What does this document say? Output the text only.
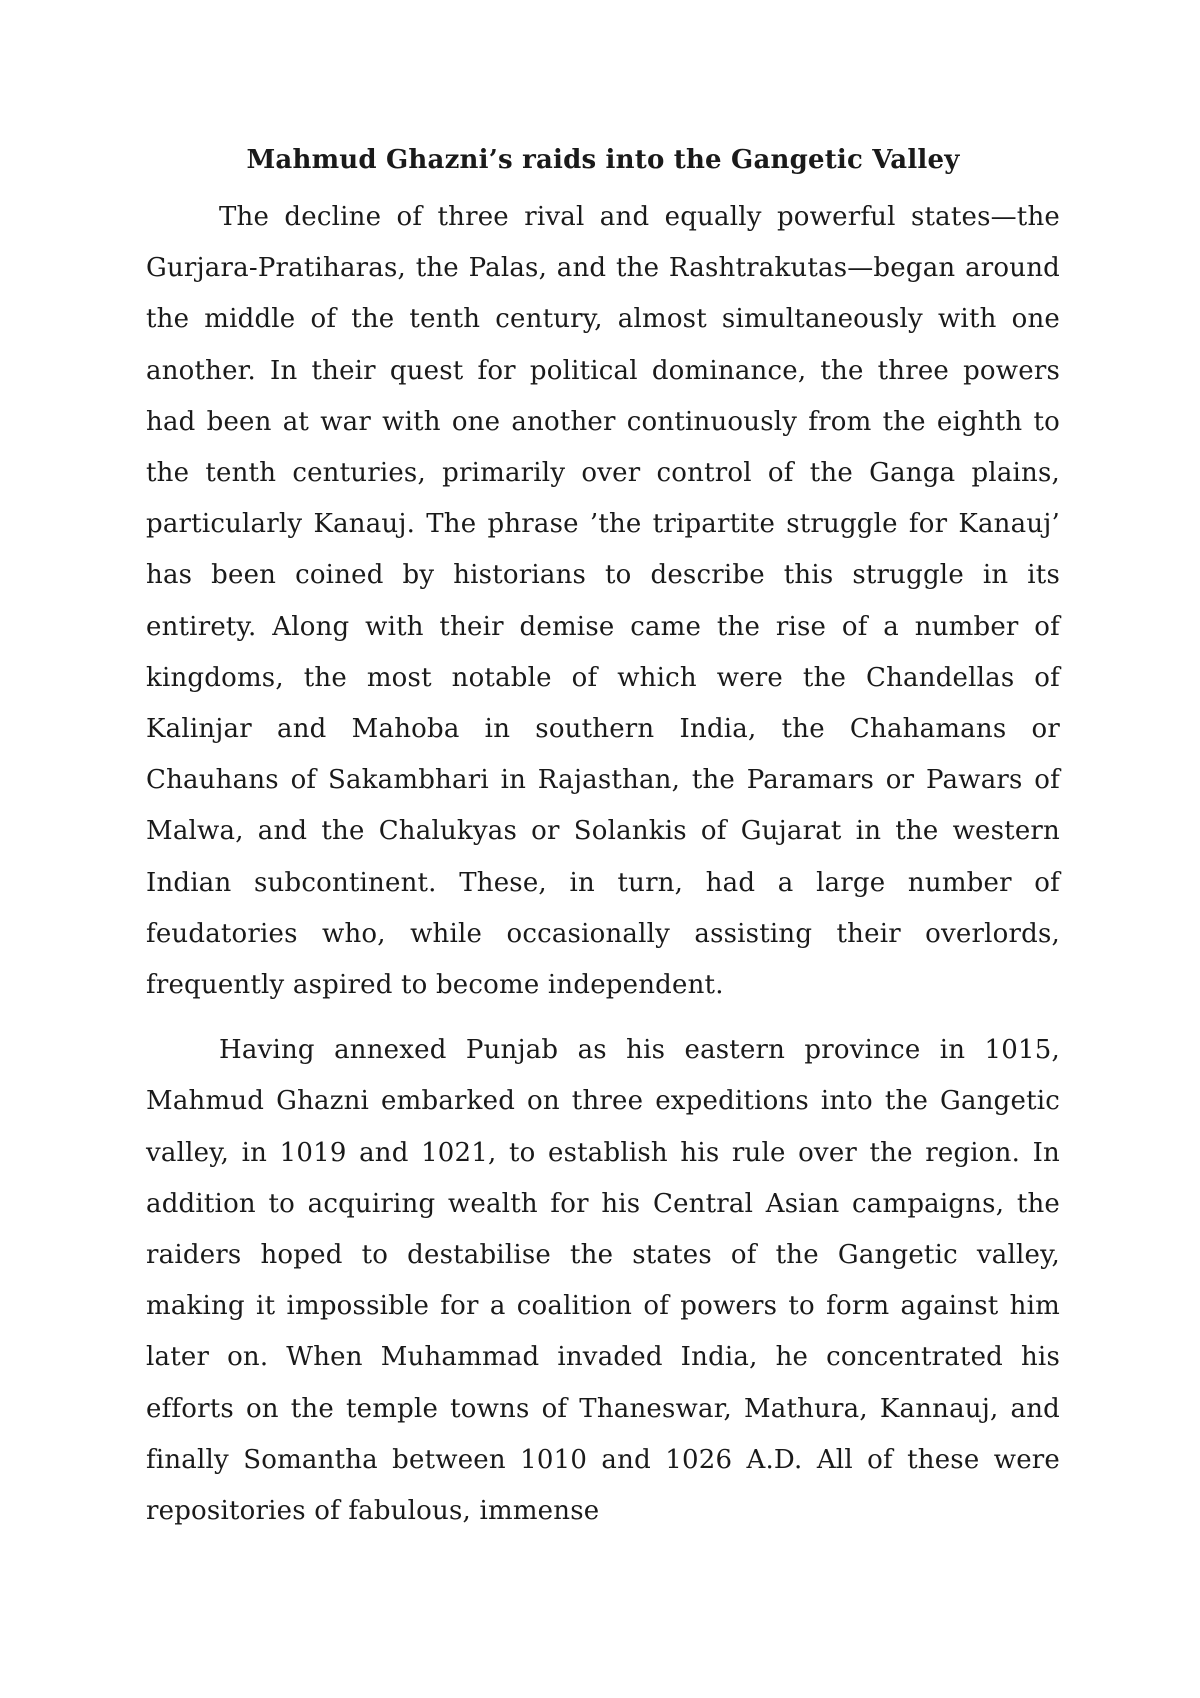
Mahmud Ghazni’s raids into the Gangetic Valley

The decline of three rival and equally powerful states—the Gurjara-Pratiharas, the Palas, and the Rashtrakutas—began around the middle of the tenth century, almost simultaneously with one another. In their quest for political dominance, the three powers had been at war with one another continuously from the eighth to the tenth centuries, primarily over control of the Ganga plains, particularly Kanauj. The phrase ’the tripartite struggle for Kanauj’ has been coined by historians to describe this struggle in its entirety. Along with their demise came the rise of a number of kingdoms, the most notable of which were the Chandellas of Kalinjar and Mahoba in southern India, the Chahamans or Chauhans of Sakambhari in Rajasthan, the Paramars or Pawars of Malwa, and the Chalukyas or Solankis of Gujarat in the western Indian subcontinent. These, in turn, had a large number of feudatories who, while occasionally assisting their overlords, frequently aspired to become independent.

Having annexed Punjab as his eastern province in 1015, Mahmud Ghazni embarked on three expeditions into the Gangetic valley, in 1019 and 1021, to establish his rule over the region. In addition to acquiring wealth for his Central Asian campaigns, the raiders hoped to destabilise the states of the Gangetic valley, making it impossible for a coalition of powers to form against him later on. When Muhammad invaded India, he concentrated his efforts on the temple towns of Thaneswar, Mathura, Kannauj, and finally Somantha between 1010 and 1026 A.D. All of these were repositories of fabulous, immense
